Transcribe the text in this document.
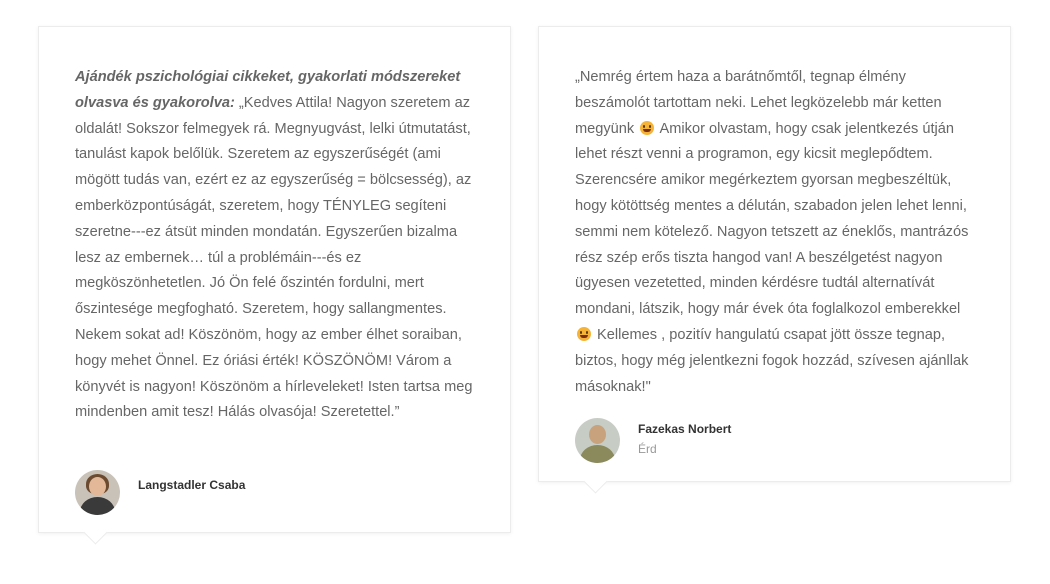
Ajándék pszichológiai cikkeket, gyakorlati módszereket olvasva és gyakorolva: „Kedves Attila! Nagyon szeretem az oldalát! Sokszor felmegyek rá. Megnyugvást, lelki útmutatást, tanulást kapok belőlük. Szeretem az egyszerűségét (ami mögött tudás van, ezért ez az egyszerűség = bölcsesség), az emberközpontúságát, szeretem, hogy TÉNYLEG segíteni szeretne---ez átsüt minden mondatán. Egyszerűen bizalma lesz az embernek… túl a problémáin---és ez megköszönhetetlen. Jó Ön felé őszintén fordulni, mert őszintesége megfogható. Szeretem, hogy sallangmentes. Nekem sokat ad! Köszönöm, hogy az ember élhet soraiban, hogy mehet Önnel. Ez óriási érték! KÖSZÖNÖM! Várom a könyvét is nagyon! Köszönöm a hírleveleket! Isten tartsa meg mindenben amit tesz! Hálás olvasója! Szeretettel.”

Langstadler Csaba

„Nemrég értem haza a barátnőmtől, tegnap élmény beszámolót tartottam neki. Lehet legközelebb már ketten megyünk  Amikor olvastam, hogy csak jelentkezés útján lehet részt venni a programon, egy kicsit meglepődtem. Szerencsére amikor megérkeztem gyorsan megbeszéltük, hogy kötöttség mentes a délután, szabadon jelen lehet lenni, semmi nem kötelező. Nagyon tetszett az éneklős, mantrázós rész szép erős tiszta hangod van! A beszélgetést nagyon ügyesen vezetetted, minden kérdésre tudtál alternatívát mondani, látszik, hogy már évek óta foglalkozol emberekkel  Kellemes , pozitív hangulatú csapat jött össze tegnap, biztos, hogy még jelentkezni fogok hozzád, szívesen ajánllak másoknak!"

Fazekas Norbert
Érd
